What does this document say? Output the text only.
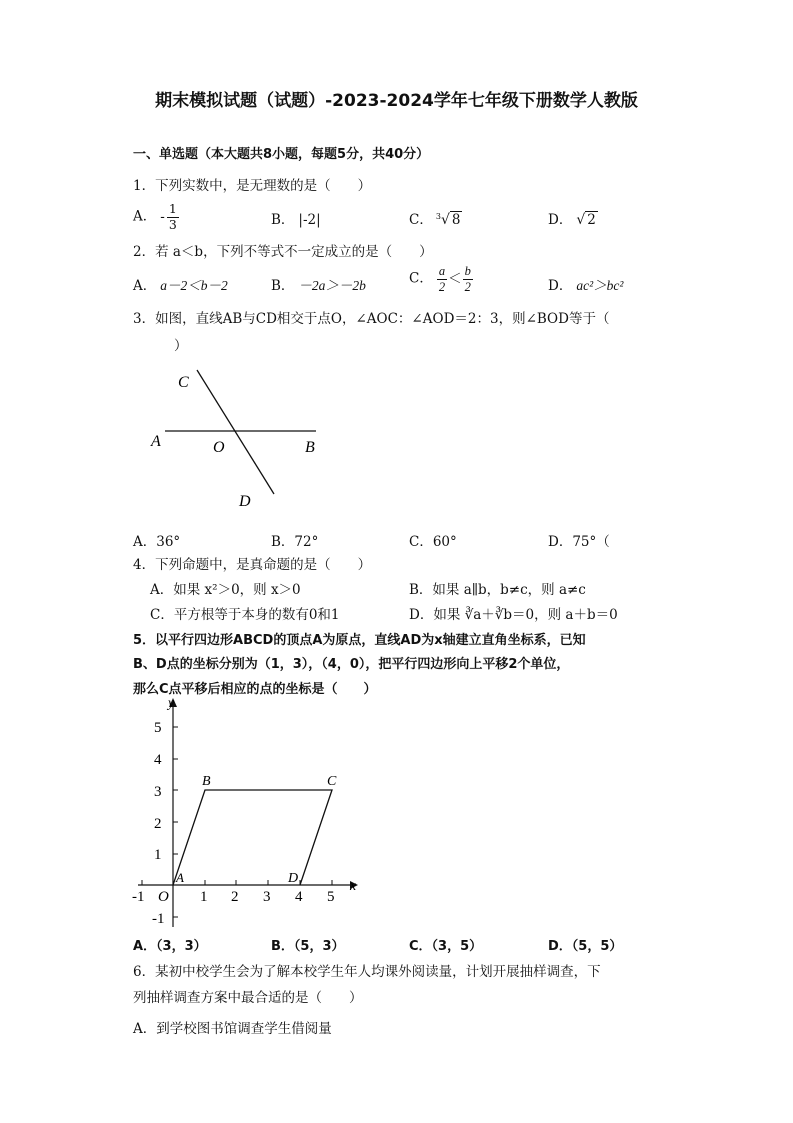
期末模拟试题（试题）-2023-2024学年七年级下册数学人教版
一、单选题（本大题共8小题，每题5分，共40分）
1．下列实数中，是无理数的是（　　）
A． - $\frac{1}{3}$	B． |-2|	C． $^3$√ 8	D． √ 2
2．若 a＜b，下列不等式不一定成立的是（　　）
A． a－2＜b－2	B． －2a＞－2b	C． $\frac{a}{2} < \frac{b}{2}$	D． ac²＞bc²
3．如图，直线AB与CD相交于点O，∠AOC：∠AOD＝2：3，则∠BOD等于（
）
C
A	O	B
D
A．36°	B．72°	C．60°	D．75°（
4．下列命题中，是真命题的是（　　）
A．如果 x²＞0，则 x＞0	B．如果 a∥b，b≠c，则 a≠c
C．平方根等于本身的数有0和1	D．如果 ∛a＋∛b＝0，则 a＋b＝0
5．以平行四边形ABCD的顶点A为原点，直线AD为x轴建立直角坐标系，已知
B、D点的坐标分别为（1，3），（4，0），把平行四边形向上平移2个单位，
那么C点平移后相应的点的坐标是（　　）
y
x
O
5
4
3
2
1
-1
-1	1 2 3 4 5
A
B	C
D
A．（3，3）	B．（5，3）	C．（3，5）	D．（5，5）
6．某初中校学生会为了解本校学生年人均课外阅读量，计划开展抽样调查，下
列抽样调查方案中最合适的是（　　）
A．到学校图书馆调查学生借阅量
